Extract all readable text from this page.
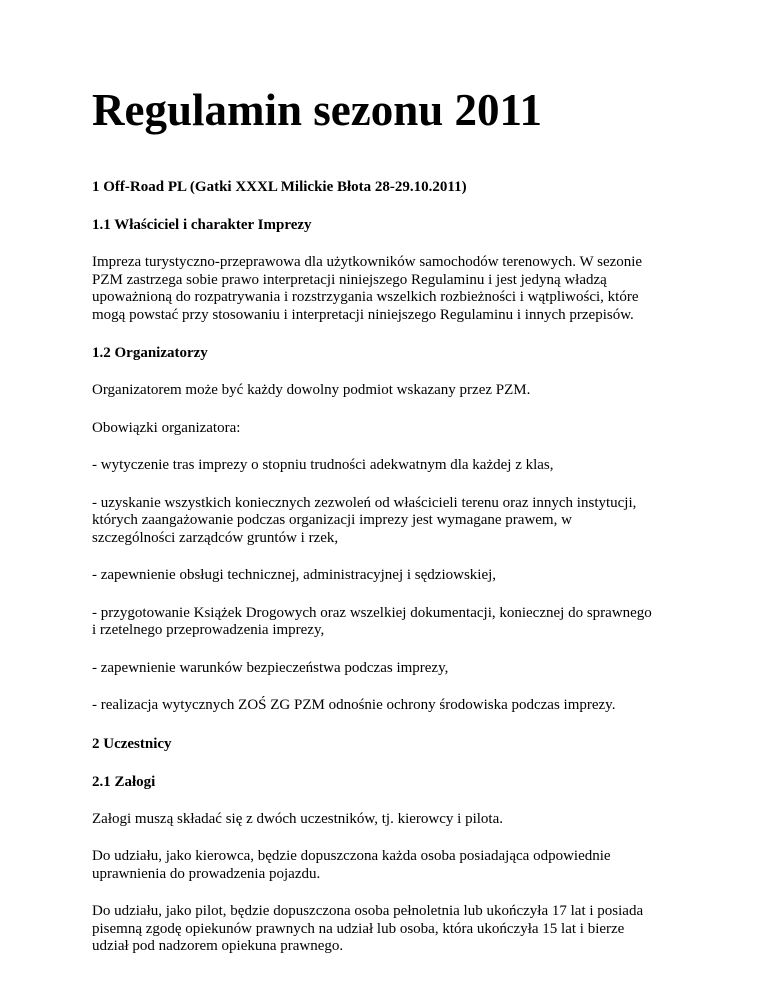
Regulamin sezonu 2011
1 Off-Road PL (Gatki XXXL Milickie Błota 28-29.10.2011)
1.1 Właściciel i charakter Imprezy

Impreza turystyczno-przeprawowa dla użytkowników samochodów terenowych. W sezonie
PZM zastrzega sobie prawo interpretacji niniejszego Regulaminu i jest jedyną władzą
upoważnioną do rozpatrywania i rozstrzygania wszelkich rozbieżności i wątpliwości, które
mogą powstać przy stosowaniu i interpretacji niniejszego Regulaminu i innych przepisów.

1.2 Organizatorzy

Organizatorem może być każdy dowolny podmiot wskazany przez PZM.

Obowiązki organizatora:

- wytyczenie tras imprezy o stopniu trudności adekwatnym dla każdej z klas,

- uzyskanie wszystkich koniecznych zezwoleń od właścicieli terenu oraz innych instytucji,
których zaangażowanie podczas organizacji imprezy jest wymagane prawem, w
szczególności zarządców gruntów i rzek,

- zapewnienie obsługi technicznej, administracyjnej i sędziowskiej,

- przygotowanie Książek Drogowych oraz wszelkiej dokumentacji, koniecznej do sprawnego
i rzetelnego przeprowadzenia imprezy,

- zapewnienie warunków bezpieczeństwa podczas imprezy,

- realizacja wytycznych ZOŚ ZG PZM odnośnie ochrony środowiska podczas imprezy.

2 Uczestnicy
2.1 Załogi

Załogi muszą składać się z dwóch uczestników, tj. kierowcy i pilota.

Do udziału, jako kierowca, będzie dopuszczona każda osoba posiadająca odpowiednie
uprawnienia do prowadzenia pojazdu.

Do udziału, jako pilot, będzie dopuszczona osoba pełnoletnia lub ukończyła 17 lat i posiada
pisemną zgodę opiekunów prawnych na udział lub osoba, która ukończyła 15 lat i bierze
udział pod nadzorem opiekuna prawnego.
